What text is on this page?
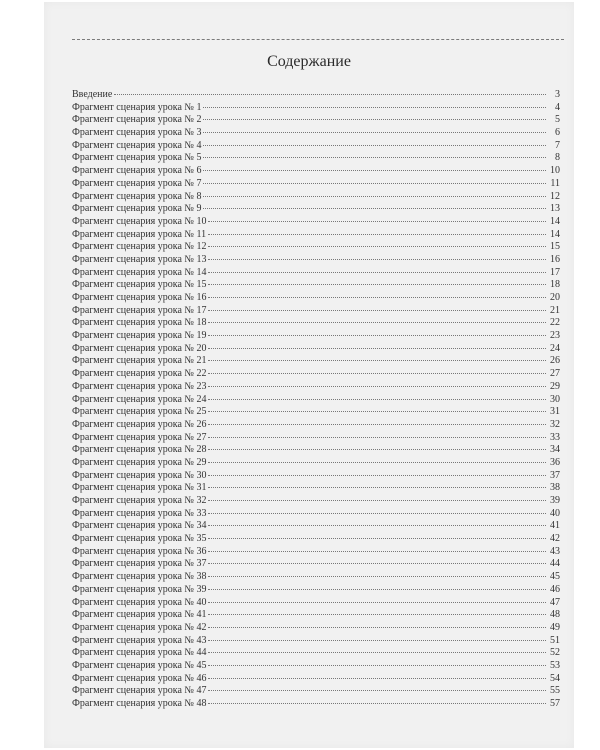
Содержание
Введение	3
Фрагмент сценария урока № 1	4
Фрагмент сценария урока № 2	5
Фрагмент сценария урока № 3	6
Фрагмент сценария урока № 4	7
Фрагмент сценария урока № 5	8
Фрагмент сценария урока № 6	10
Фрагмент сценария урока № 7	11
Фрагмент сценария урока № 8	12
Фрагмент сценария урока № 9	13
Фрагмент сценария урока № 10	14
Фрагмент сценария урока № 11	14
Фрагмент сценария урока № 12	15
Фрагмент сценария урока № 13	16
Фрагмент сценария урока № 14	17
Фрагмент сценария урока № 15	18
Фрагмент сценария урока № 16	20
Фрагмент сценария урока № 17	21
Фрагмент сценария урока № 18	22
Фрагмент сценария урока № 19	23
Фрагмент сценария урока № 20	24
Фрагмент сценария урока № 21	26
Фрагмент сценария урока № 22	27
Фрагмент сценария урока № 23	29
Фрагмент сценария урока № 24	30
Фрагмент сценария урока № 25	31
Фрагмент сценария урока № 26	32
Фрагмент сценария урока № 27	33
Фрагмент сценария урока № 28	34
Фрагмент сценария урока № 29	36
Фрагмент сценария урока № 30	37
Фрагмент сценария урока № 31	38
Фрагмент сценария урока № 32	39
Фрагмент сценария урока № 33	40
Фрагмент сценария урока № 34	41
Фрагмент сценария урока № 35	42
Фрагмент сценария урока № 36	43
Фрагмент сценария урока № 37	44
Фрагмент сценария урока № 38	45
Фрагмент сценария урока № 39	46
Фрагмент сценария урока № 40	47
Фрагмент сценария урока № 41	48
Фрагмент сценария урока № 42	49
Фрагмент сценария урока № 43	51
Фрагмент сценария урока № 44	52
Фрагмент сценария урока № 45	53
Фрагмент сценария урока № 46	54
Фрагмент сценария урока № 47	55
Фрагмент сценария урока № 48	57
